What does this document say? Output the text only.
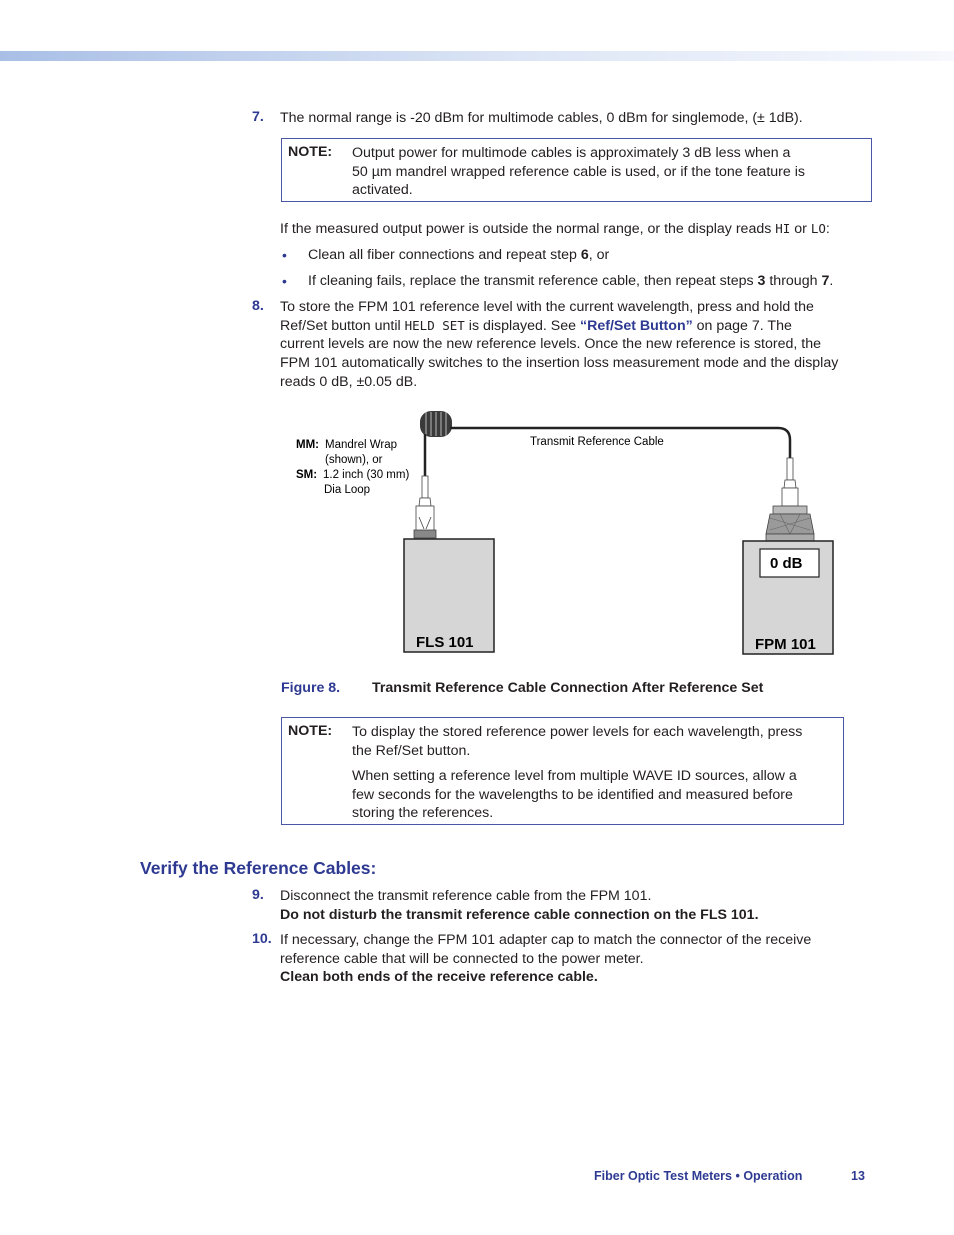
7. The normal range is -20 dBm for multimode cables, 0 dBm for singlemode, (± 1dB).
NOTE: Output power for multimode cables is approximately 3 dB less when a
50 µm mandrel wrapped reference cable is used, or if the tone feature is
activated.
If the measured output power is outside the normal range, or the display reads HI or LO:
• Clean all fiber connections and repeat step 6, or
• If cleaning fails, replace the transmit reference cable, then repeat steps 3 through 7.
8. To store the FPM 101 reference level with the current wavelength, press and hold the
Ref/Set button until HELD SET is displayed. See “Ref/Set Button” on page 7. The
current levels are now the new reference levels. Once the new reference is stored, the
FPM 101 automatically switches to the insertion loss measurement mode and the display
reads 0 dB, ±0.05 dB.
MM: Mandrel Wrap
(shown), or
SM: 1.2 inch (30 mm)
Dia Loop
Transmit Reference Cable
FLS 101
0 dB
FPM 101
Figure 8. Transmit Reference Cable Connection After Reference Set
NOTE: To display the stored reference power levels for each wavelength, press
the Ref/Set button.
When setting a reference level from multiple WAVE ID sources, allow a
few seconds for the wavelengths to be identified and measured before
storing the references.
Verify the Reference Cables:
9. Disconnect the transmit reference cable from the FPM 101.
Do not disturb the transmit reference cable connection on the FLS 101.
10. If necessary, change the FPM 101 adapter cap to match the connector of the receive
reference cable that will be connected to the power meter.
Clean both ends of the receive reference cable.
Fiber Optic Test Meters • Operation	13
